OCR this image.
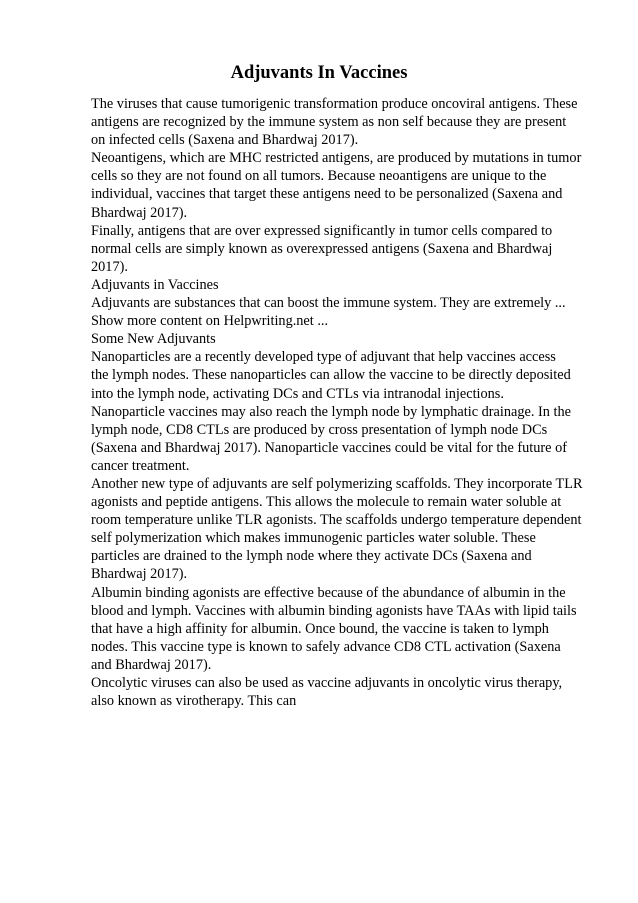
Adjuvants In Vaccines
The viruses that cause tumorigenic transformation produce oncoviral antigens. These
antigens are recognized by the immune system as non self because they are present
on infected cells (Saxena and Bhardwaj 2017).
Neoantigens, which are MHC restricted antigens, are produced by mutations in tumor
cells so they are not found on all tumors. Because neoantigens are unique to the
individual, vaccines that target these antigens need to be personalized (Saxena and
Bhardwaj 2017).
Finally, antigens that are over expressed significantly in tumor cells compared to
normal cells are simply known as overexpressed antigens (Saxena and Bhardwaj
2017).
Adjuvants in Vaccines
Adjuvants are substances that can boost the immune system. They are extremely ...
Show more content on Helpwriting.net ...
Some New Adjuvants
Nanoparticles are a recently developed type of adjuvant that help vaccines access
the lymph nodes. These nanoparticles can allow the vaccine to be directly deposited
into the lymph node, activating DCs and CTLs via intranodal injections.
Nanoparticle vaccines may also reach the lymph node by lymphatic drainage. In the
lymph node, CD8 CTLs are produced by cross presentation of lymph node DCs
(Saxena and Bhardwaj 2017). Nanoparticle vaccines could be vital for the future of
cancer treatment.
Another new type of adjuvants are self polymerizing scaffolds. They incorporate TLR
agonists and peptide antigens. This allows the molecule to remain water soluble at
room temperature unlike TLR agonists. The scaffolds undergo temperature dependent
self polymerization which makes immunogenic particles water soluble. These
particles are drained to the lymph node where they activate DCs (Saxena and
Bhardwaj 2017).
Albumin binding agonists are effective because of the abundance of albumin in the
blood and lymph. Vaccines with albumin binding agonists have TAAs with lipid tails
that have a high affinity for albumin. Once bound, the vaccine is taken to lymph
nodes. This vaccine type is known to safely advance CD8 CTL activation (Saxena
and Bhardwaj 2017).
Oncolytic viruses can also be used as vaccine adjuvants in oncolytic virus therapy,
also known as virotherapy. This can
